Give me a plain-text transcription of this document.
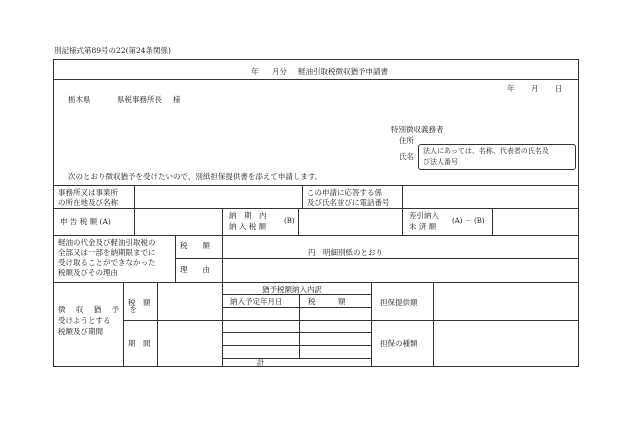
別記様式第89号の22(第24条関係)
年 月分 軽油引取税徴収猶予申請書
年 月 日
栃木県	県税事務所長 様
特別徴収義務者
住所
氏名
法人にあっては、名称、代表者の氏名及
び法人番号
次のとおり徴収猶予を受けたいので、別紙担保提供書を添えて申請します。
事務所又は事業所
の所在地及び名称
この申請に応答する係
及び氏名並びに電話番号
申 告 税 額 (A)
納　期　内
納 入 税 額
(B)
差引納入
未 済 額
(A) － (B)
軽油の代金及び軽油引取税の
全部又は一部を納期限までに
受け取ることができなかった
税額及びその理由
税　　額
円　明細別紙のとおり
理　　由
徴 収 猶 予 を
受けようとする
税額及び期間
税　額
期　間
猶予税額納入内訳
納入予定年月日	税　　　額
計
担保提供額
担保の種類
